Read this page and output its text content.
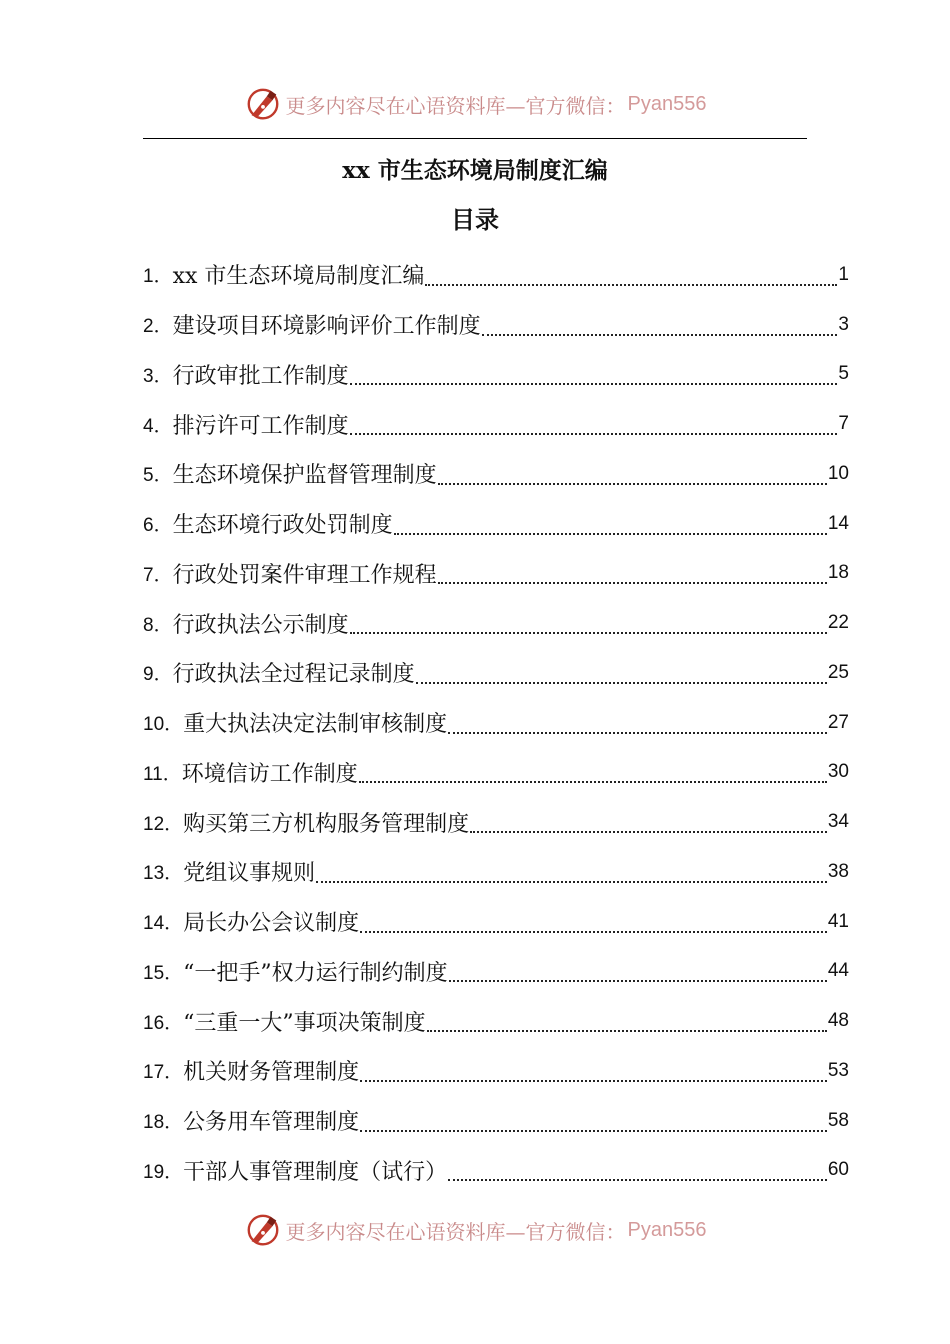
更多内容尽在心语资料库—官方微信： Pyan556
xx 市生态环境局制度汇编
目录
1． xx 市生态环境局制度汇编	1
2． 建设项目环境影响评价工作制度	3
3． 行政审批工作制度	5
4． 排污许可工作制度	7
5． 生态环境保护监督管理制度	10
6． 生态环境行政处罚制度	14
7． 行政处罚案件审理工作规程	18
8． 行政执法公示制度	22
9． 行政执法全过程记录制度	25
10． 重大执法决定法制审核制度	27
11． 环境信访工作制度	30
12． 购买第三方机构服务管理制度	34
13． 党组议事规则	38
14． 局长办公会议制度	41
15． “一把手”权力运行制约制度	44
16． “三重一大”事项决策制度	48
17． 机关财务管理制度	53
18． 公务用车管理制度	58
19． 干部人事管理制度（试行）	60
更多内容尽在心语资料库—官方微信： Pyan556
